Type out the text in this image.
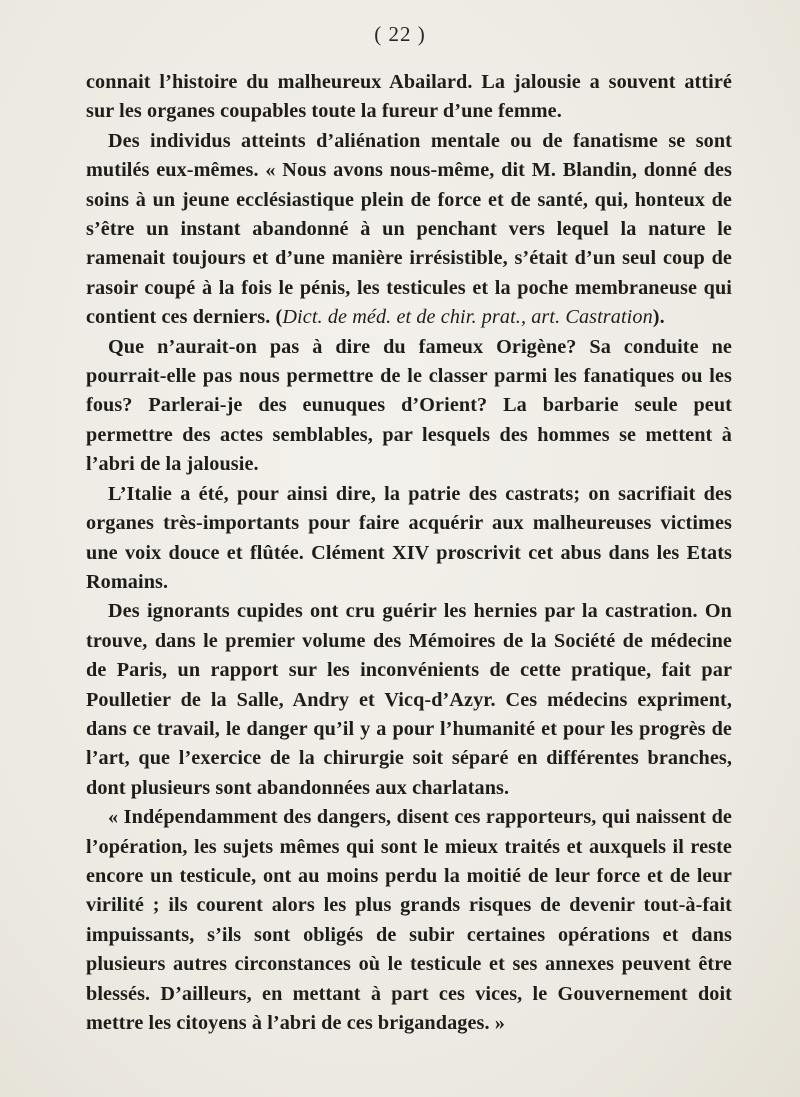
( 22 )

connait l’histoire du malheureux Abailard. La jalousie a souvent attiré sur les organes coupables toute la fureur d’une femme.

Des individus atteints d’aliénation mentale ou de fanatisme se sont mutilés eux-mêmes. « Nous avons nous-même, dit M. Blandin, donné des soins à un jeune ecclésiastique plein de force et de santé, qui, honteux de s’être un instant abandonné à un penchant vers lequel la nature le ramenait toujours et d’une manière irrésistible, s’était d’un seul coup de rasoir coupé à la fois le pénis, les testicules et la poche membraneuse qui contient ces derniers. (Dict. de méd. et de chir. prat., art. Castration).

Que n’aurait-on pas à dire du fameux Origène? Sa conduite ne pourrait-elle pas nous permettre de le classer parmi les fanatiques ou les fous? Parlerai-je des eunuques d’Orient? La barbarie seule peut permettre des actes semblables, par lesquels des hommes se mettent à l’abri de la jalousie.

L’Italie a été, pour ainsi dire, la patrie des castrats; on sacrifiait des organes très-importants pour faire acquérir aux malheureuses victimes une voix douce et flûtée. Clément XIV proscrivit cet abus dans les Etats Romains.

Des ignorants cupides ont cru guérir les hernies par la castration. On trouve, dans le premier volume des Mémoires de la Société de médecine de Paris, un rapport sur les inconvénients de cette pratique, fait par Poulletier de la Salle, Andry et Vicq-d’Azyr. Ces médecins expriment, dans ce travail, le danger qu’il y a pour l’humanité et pour les progrès de l’art, que l’exercice de la chirurgie soit séparé en différentes branches, dont plusieurs sont abandonnées aux charlatans.

« Indépendamment des dangers, disent ces rapporteurs, qui naissent de l’opération, les sujets mêmes qui sont le mieux traités et auxquels il reste encore un testicule, ont au moins perdu la moitié de leur force et de leur virilité ; ils courent alors les plus grands risques de devenir tout-à-fait impuissants, s’ils sont obligés de subir certaines opérations et dans plusieurs autres circonstances où le testicule et ses annexes peuvent être blessés. D’ailleurs, en mettant à part ces vices, le Gouvernement doit mettre les citoyens à l’abri de ces brigandages. »
